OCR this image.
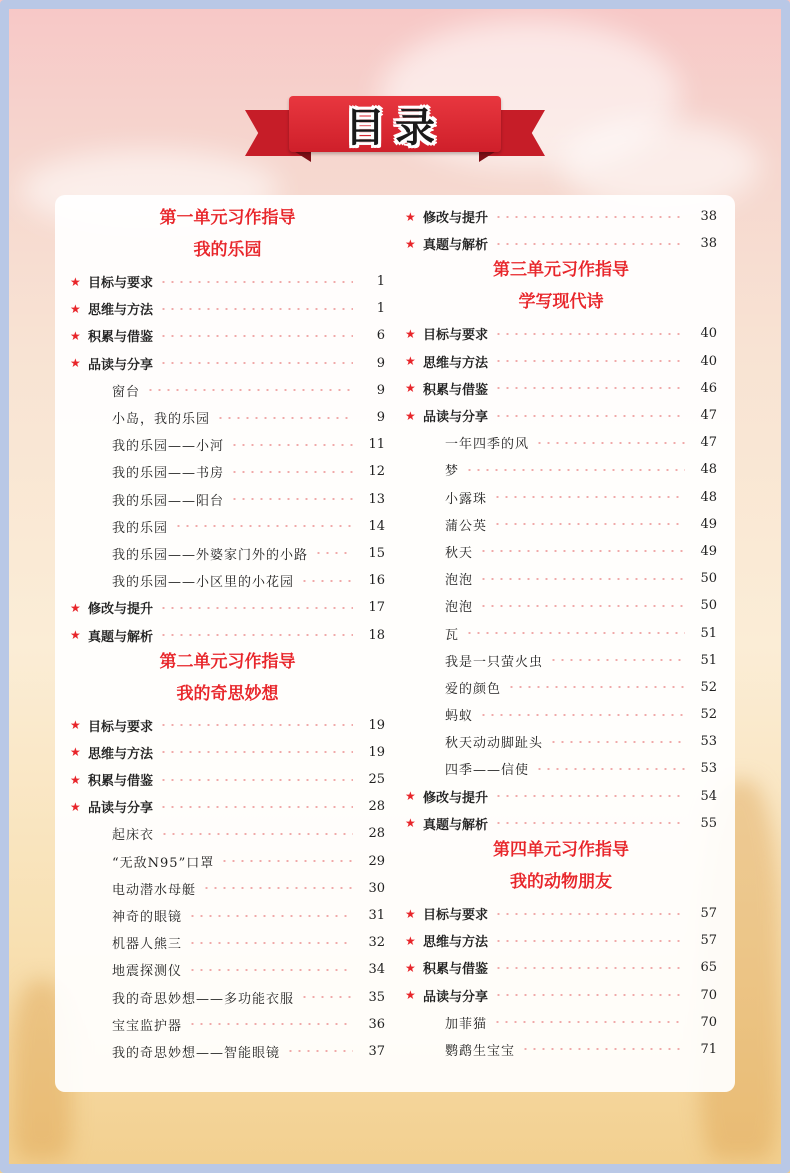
目录
第一单元习作指导
我的乐园
★ 目标与要求	1
★ 思维与方法	1
★ 积累与借鉴	6
★ 品读与分享	9
窗台	9
小岛，我的乐园	9
我的乐园——小河	11
我的乐园——书房	12
我的乐园——阳台	13
我的乐园	14
我的乐园——外婆家门外的小路	15
我的乐园——小区里的小花园	16
★ 修改与提升	17
★ 真题与解析	18
第二单元习作指导
我的奇思妙想
★ 目标与要求	19
★ 思维与方法	19
★ 积累与借鉴	25
★ 品读与分享	28
起床衣	28
“无敌N95”口罩	29
电动潜水母艇	30
神奇的眼镜	31
机器人熊三	32
地震探测仪	34
我的奇思妙想——多功能衣服	35
宝宝监护器	36
我的奇思妙想——智能眼镜	37
★ 修改与提升	38
★ 真题与解析	38
第三单元习作指导
学写现代诗
★ 目标与要求	40
★ 思维与方法	40
★ 积累与借鉴	46
★ 品读与分享	47
一年四季的风	47
梦	48
小露珠	48
蒲公英	49
秋天	49
泡泡	50
泡泡	50
瓦	51
我是一只萤火虫	51
爱的颜色	52
蚂蚁	52
秋天动动脚趾头	53
四季——信使	53
★ 修改与提升	54
★ 真题与解析	55
第四单元习作指导
我的动物朋友
★ 目标与要求	57
★ 思维与方法	57
★ 积累与借鉴	65
★ 品读与分享	70
加菲猫	70
鹦鹉生宝宝	71
